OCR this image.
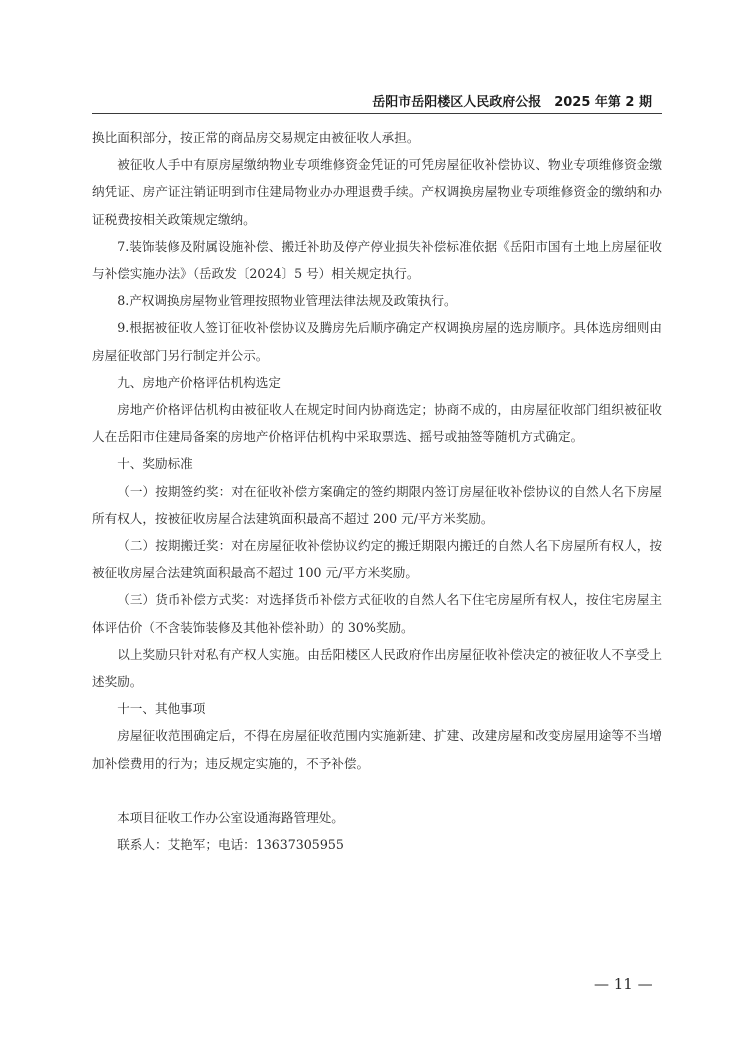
岳阳市岳阳楼区人民政府公报　2025 年第 2 期

换比面积部分，按正常的商品房交易规定由被征收人承担。

被征收人手中有原房屋缴纳物业专项维修资金凭证的可凭房屋征收补偿协议、物业专项维修资金缴纳凭证、房产证注销证明到市住建局物业办办理退费手续。产权调换房屋物业专项维修资金的缴纳和办证税费按相关政策规定缴纳。

7.装饰装修及附属设施补偿、搬迁补助及停产停业损失补偿标准依据《岳阳市国有土地上房屋征收与补偿实施办法》（岳政发〔2024〕5 号）相关规定执行。

8.产权调换房屋物业管理按照物业管理法律法规及政策执行。

9.根据被征收人签订征收补偿协议及腾房先后顺序确定产权调换房屋的选房顺序。具体选房细则由房屋征收部门另行制定并公示。

九、房地产价格评估机构选定

房地产价格评估机构由被征收人在规定时间内协商选定；协商不成的，由房屋征收部门组织被征收人在岳阳市住建局备案的房地产价格评估机构中采取票选、摇号或抽签等随机方式确定。

十、奖励标准

（一）按期签约奖：对在征收补偿方案确定的签约期限内签订房屋征收补偿协议的自然人名下房屋所有权人，按被征收房屋合法建筑面积最高不超过 200 元/平方米奖励。

（二）按期搬迁奖：对在房屋征收补偿协议约定的搬迁期限内搬迁的自然人名下房屋所有权人，按被征收房屋合法建筑面积最高不超过 100 元/平方米奖励。

（三）货币补偿方式奖：对选择货币补偿方式征收的自然人名下住宅房屋所有权人，按住宅房屋主体评估价（不含装饰装修及其他补偿补助）的 30%奖励。

以上奖励只针对私有产权人实施。由岳阳楼区人民政府作出房屋征收补偿决定的被征收人不享受上述奖励。

十一、其他事项

房屋征收范围确定后，不得在房屋征收范围内实施新建、扩建、改建房屋和改变房屋用途等不当增加补偿费用的行为；违反规定实施的，不予补偿。

本项目征收工作办公室设通海路管理处。

联系人：艾艳军；电话：13637305955

— 11 —
